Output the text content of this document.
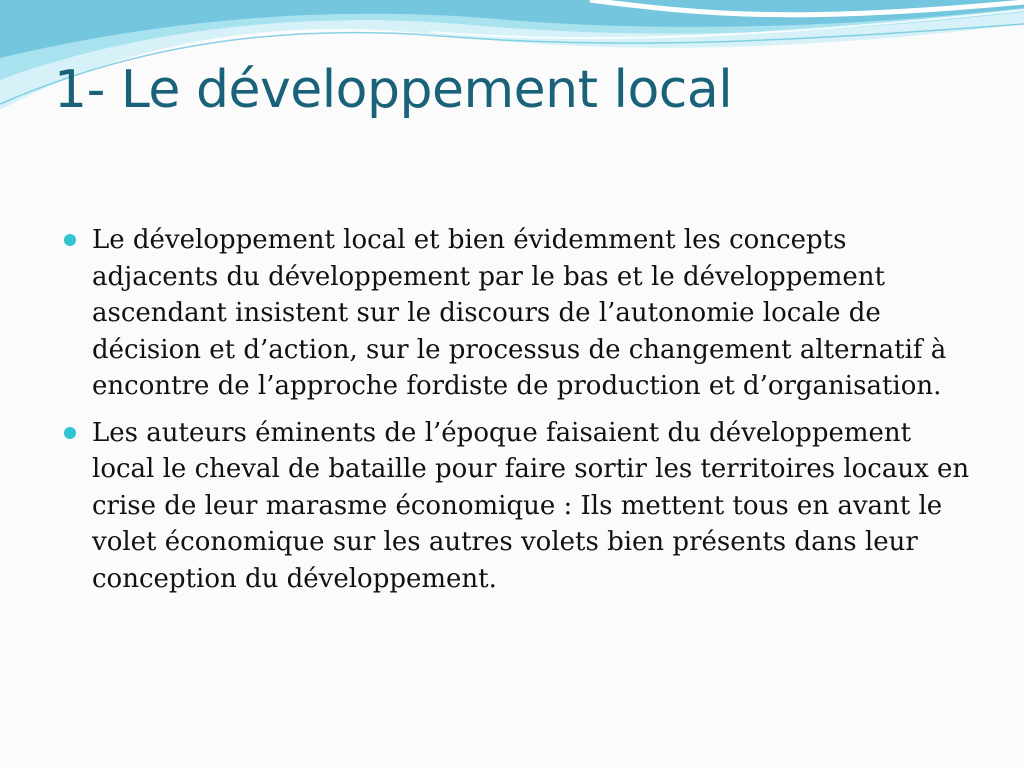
1- Le développement local
Le développement local et bien évidemment les concepts adjacents du développement par le bas et le développement ascendant insistent sur le discours de l’autonomie locale de décision et d’action, sur le processus de changement alternatif à encontre de l’approche fordiste de production et d’organisation.
Les auteurs éminents de l’époque faisaient du développement local le cheval de bataille pour faire sortir les territoires locaux en crise de leur marasme économique : Ils mettent tous en avant le volet économique sur les autres volets bien présents dans leur conception du développement.
